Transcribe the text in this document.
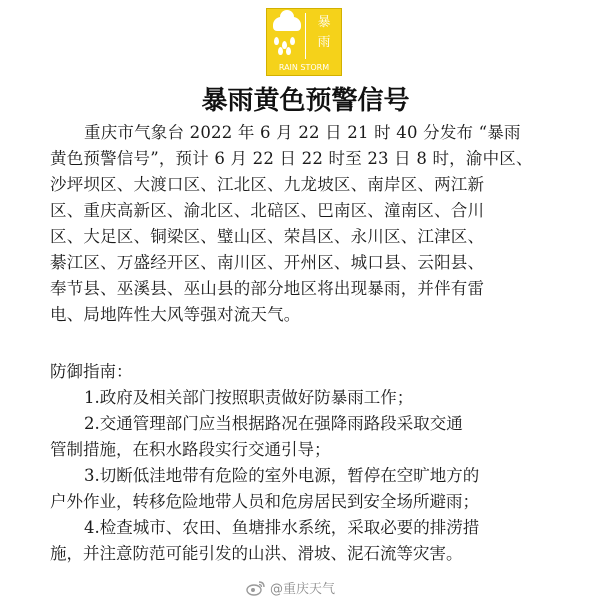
暴
雨
RAIN STORM
暴雨黄色预警信号
重庆市气象台 2022 年 6 月 22 日 21 时 40 分发布 “暴雨
黄色预警信号”，预计 6 月 22 日 22 时至 23 日 8 时，渝中区、
沙坪坝区、大渡口区、江北区、九龙坡区、南岸区、两江新
区、重庆高新区、渝北区、北碚区、巴南区、潼南区、合川
区、大足区、铜梁区、璧山区、荣昌区、永川区、江津区、
綦江区、万盛经开区、南川区、开州区、城口县、云阳县、
奉节县、巫溪县、巫山县的部分地区将出现暴雨，并伴有雷
电、局地阵性大风等强对流天气。
防御指南：
1.政府及相关部门按照职责做好防暴雨工作；
2.交通管理部门应当根据路况在强降雨路段采取交通
管制措施，在积水路段实行交通引导；
3.切断低洼地带有危险的室外电源，暂停在空旷地方的
户外作业，转移危险地带人员和危房居民到安全场所避雨；
4.检查城市、农田、鱼塘排水系统，采取必要的排涝措
施，并注意防范可能引发的山洪、滑坡、泥石流等灾害。
@重庆天气
